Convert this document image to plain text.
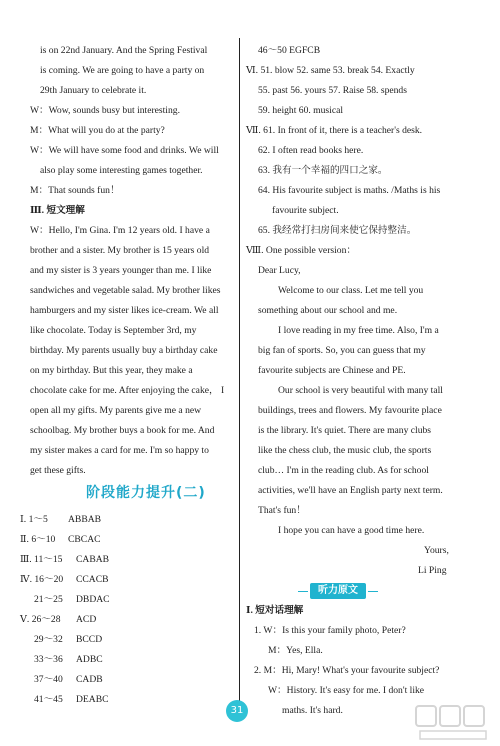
is on 22nd January. And the Spring Festival
is coming. We are going to have a party on
29th January to celebrate it.
W：Wow, sounds busy but interesting.
M：What will you do at the party?
W：We will have some food and drinks. We will
also play some interesting games together.
M：That sounds fun！
Ⅲ. 短文理解
W：Hello, I'm Gina. I'm 12 years old. I have a
brother and a sister. My brother is 15 years old
and my sister is 3 years younger than me. I like
sandwiches and vegetable salad. My brother likes
hamburgers and my sister likes ice-cream. We all
like chocolate. Today is September 3rd, my
birthday. My parents usually buy a birthday cake
on my birthday. But this year, they make a
chocolate cake for me. After enjoying the cake， I
open all my gifts. My parents give me a new
schoolbag. My brother buys a book for me. And
my sister makes a card for me. I'm so happy to
get these gifts.
阶段能力提升(二)
Ⅰ. 1～5 ABBAB
Ⅱ. 6～10 CBCAC
Ⅲ. 11～15 CABAB
Ⅳ. 16～20 CCACB
21～25 DBDAC
Ⅴ. 26～28 ACD
29～32 BCCD
33～36 ADBC
37～40 CADB
41～45 DEABC
46～50 EGFCB
Ⅵ. 51. blow 52. same 53. break 54. Exactly
55. past 56. yours 57. Raise 58. spends
59. height 60. musical
Ⅶ. 61. In front of it, there is a teacher's desk.
62. I often read books here.
63. 我有一个幸福的四口之家。
64. His favourite subject is maths. /Maths is his
favourite subject.
65. 我经常打扫房间来使它保持整洁。
Ⅷ. One possible version：
Dear Lucy,
Welcome to our class. Let me tell you
something about our school and me.
I love reading in my free time. Also, I'm a
big fan of sports. So, you can guess that my
favourite subjects are Chinese and PE.
Our school is very beautiful with many tall
buildings, trees and flowers. My favourite place
is the library. It's quiet. There are many clubs
like the chess club, the music club, the sports
club… I'm in the reading club. As for school
activities, we'll have an English party next term.
That's fun！
I hope you can have a good time here.
Yours,
Li Ping
听力原文
Ⅰ. 短对话理解
1. W：Is this your family photo, Peter?
M：Yes, Ella.
2. M：Hi, Mary! What's your favourite subject?
W：History. It's easy for me. I don't like
maths. It's hard.
31
